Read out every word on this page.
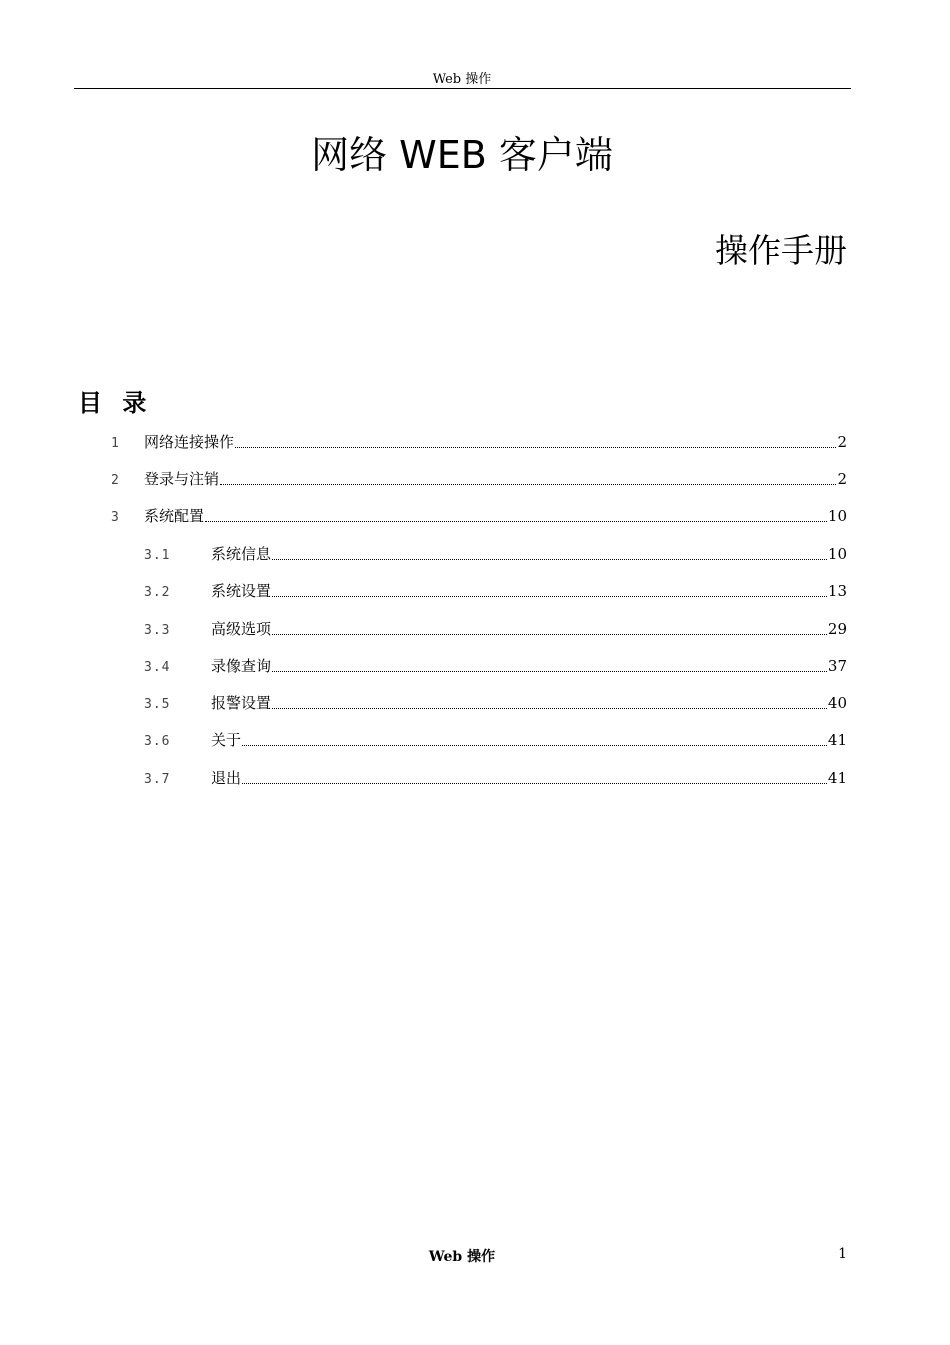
Web 操作
网络 WEB 客户端
操作手册
目 录
1	网络连接操作	2
2	登录与注销	2
3	系统配置	10
3.1	系统信息	10
3.2	系统设置	13
3.3	高级选项	29
3.4	录像查询	37
3.5	报警设置	40
3.6	关于	41
3.7	退出	41
Web 操作	1
